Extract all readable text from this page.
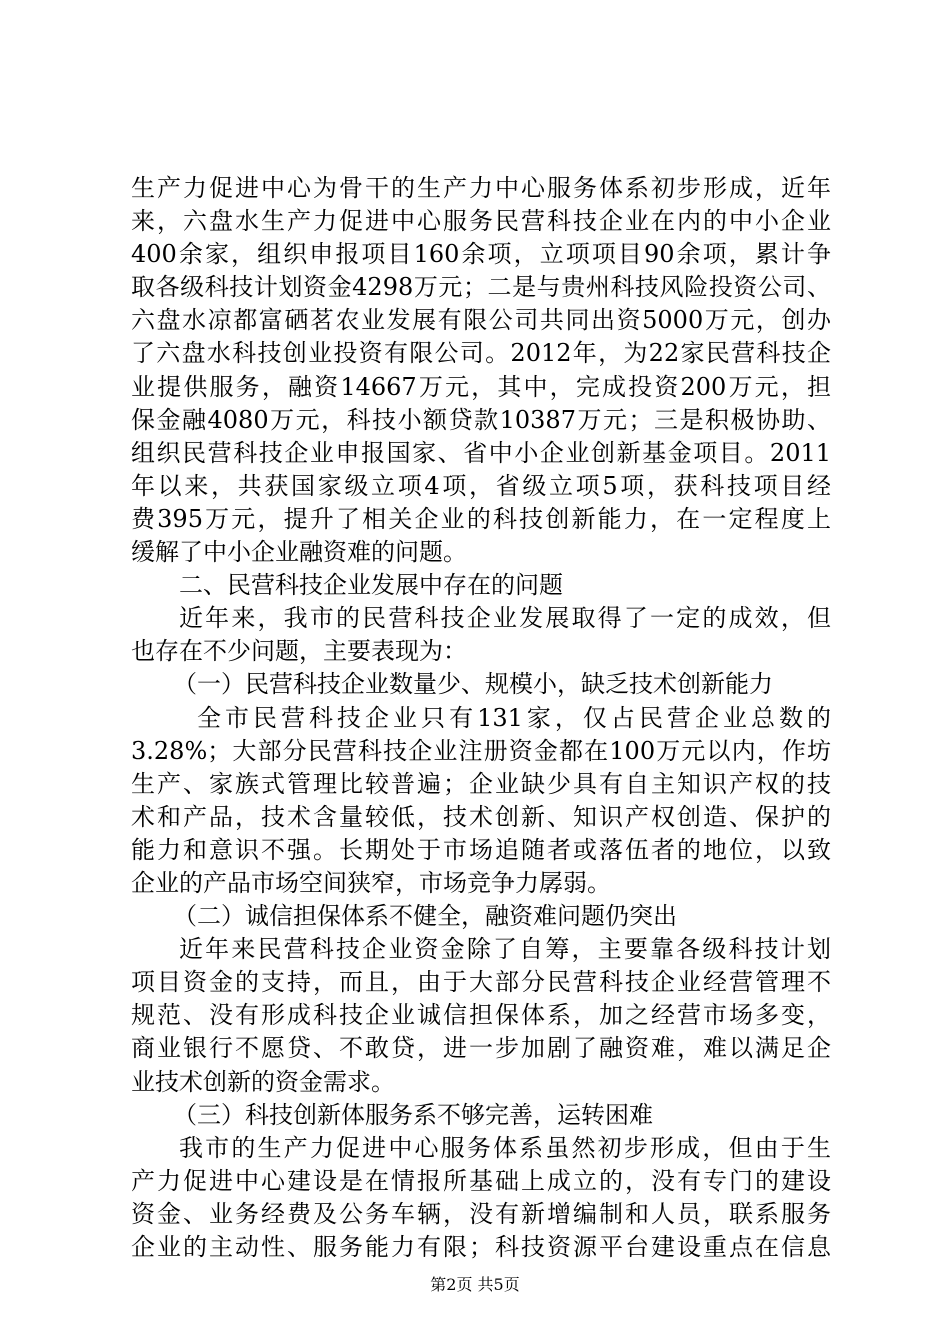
生产力促进中心为骨干的生产力中心服务体系初步形成，近年
来，六盘水生产力促进中心服务民营科技企业在内的中小企业
400余家，组织申报项目160余项，立项项目90余项，累计争
取各级科技计划资金4298万元；二是与贵州科技风险投资公司、
六盘水凉都富硒茗农业发展有限公司共同出资5000万元，创办
了六盘水科技创业投资有限公司。2012年，为22家民营科技企
业提供服务，融资14667万元，其中，完成投资200万元，担
保金融4080万元，科技小额贷款10387万元；三是积极协助、
组织民营科技企业申报国家、省中小企业创新基金项目。2011
年以来，共获国家级立项4项，省级立项5项，获科技项目经
费395万元，提升了相关企业的科技创新能力，在一定程度上
缓解了中小企业融资难的问题。
二、民营科技企业发展中存在的问题
近年来，我市的民营科技企业发展取得了一定的成效，但
也存在不少问题，主要表现为：
（一）民营科技企业数量少、规模小，缺乏技术创新能力
全市民营科技企业只有131家，仅占民营企业总数的
3.28%；大部分民营科技企业注册资金都在100万元以内，作坊
生产、家族式管理比较普遍；企业缺少具有自主知识产权的技
术和产品，技术含量较低，技术创新、知识产权创造、保护的
能力和意识不强。长期处于市场追随者或落伍者的地位，以致
企业的产品市场空间狭窄，市场竞争力孱弱。
（二）诚信担保体系不健全，融资难问题仍突出
近年来民营科技企业资金除了自筹，主要靠各级科技计划
项目资金的支持，而且，由于大部分民营科技企业经营管理不
规范、没有形成科技企业诚信担保体系，加之经营市场多变，
商业银行不愿贷、不敢贷，进一步加剧了融资难，难以满足企
业技术创新的资金需求。
（三）科技创新体服务系不够完善，运转困难
我市的生产力促进中心服务体系虽然初步形成，但由于生
产力促进中心建设是在情报所基础上成立的，没有专门的建设
资金、业务经费及公务车辆，没有新增编制和人员，联系服务
企业的主动性、服务能力有限；科技资源平台建设重点在信息
第2页 共5页
